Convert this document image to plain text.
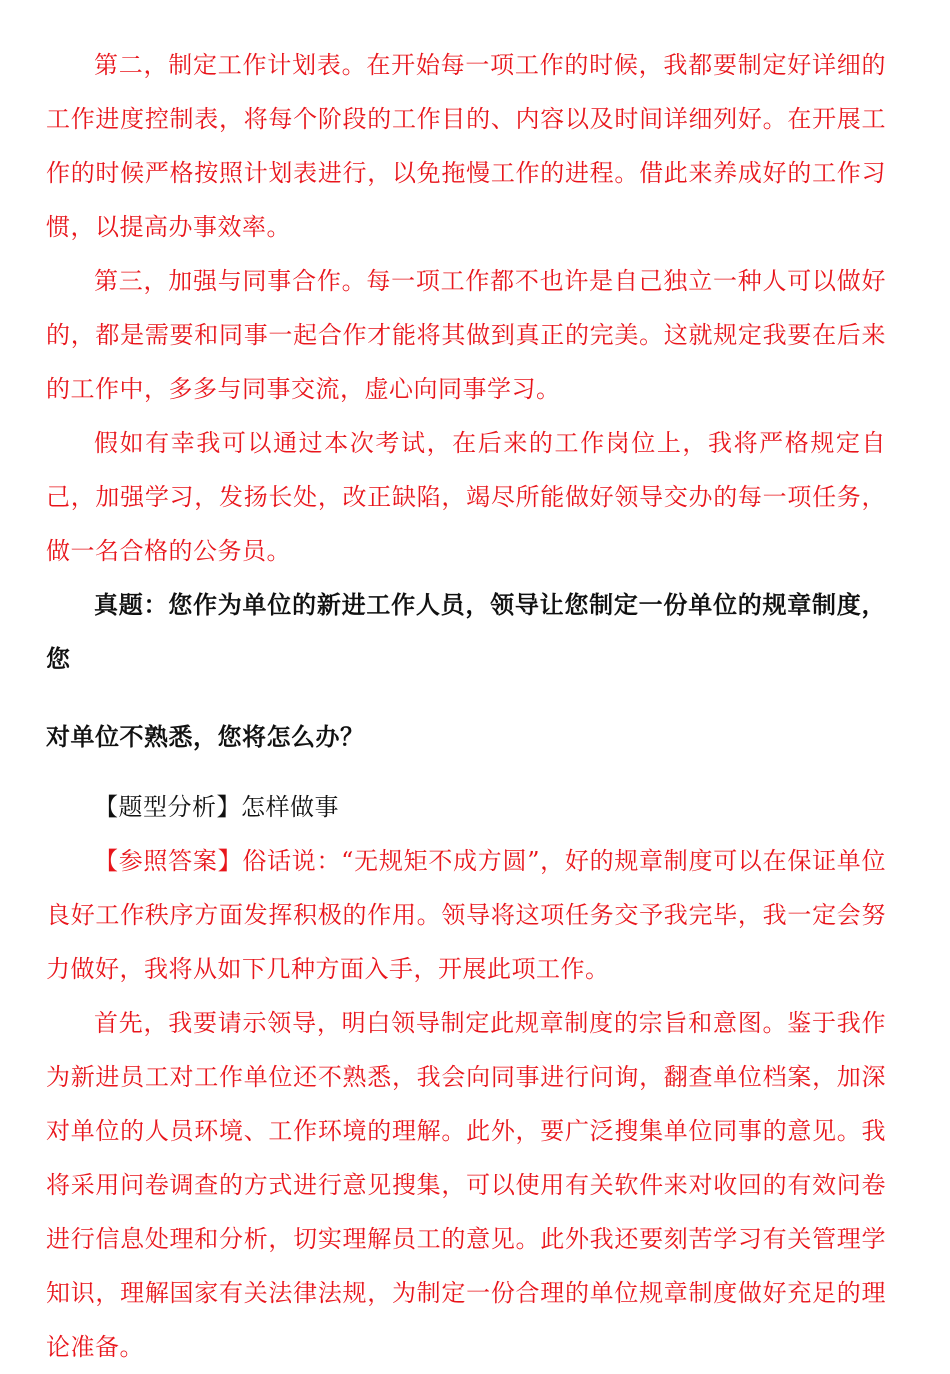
第二，制定工作计划表。在开始每一项工作的时候，我都要制定好详细的工作进度控制表，将每个阶段的工作目的、内容以及时间详细列好。在开展工作的时候严格按照计划表进行，以免拖慢工作的进程。借此来养成好的工作习惯，以提高办事效率。

第三，加强与同事合作。每一项工作都不也许是自己独立一种人可以做好的，都是需要和同事一起合作才能将其做到真正的完美。这就规定我要在后来的工作中，多多与同事交流，虚心向同事学习。

假如有幸我可以通过本次考试，在后来的工作岗位上，我将严格规定自己，加强学习，发扬长处，改正缺陷，竭尽所能做好领导交办的每一项任务，做一名合格的公务员。

真题：您作为单位的新进工作人员，领导让您制定一份单位的规章制度，您

对单位不熟悉，您将怎么办？

【题型分析】怎样做事

【参照答案】俗话说：“无规矩不成方圆”，好的规章制度可以在保证单位良好工作秩序方面发挥积极的作用。领导将这项任务交予我完毕，我一定会努力做好，我将从如下几种方面入手，开展此项工作。

首先，我要请示领导，明白领导制定此规章制度的宗旨和意图。鉴于我作为新进员工对工作单位还不熟悉，我会向同事进行问询，翻查单位档案，加深对单位的人员环境、工作环境的理解。此外，要广泛搜集单位同事的意见。我将采用问卷调查的方式进行意见搜集，可以使用有关软件来对收回的有效问卷进行信息处理和分析，切实理解员工的意见。此外我还要刻苦学习有关管理学知识，理解国家有关法律法规，为制定一份合理的单位规章制度做好充足的理论准备。
